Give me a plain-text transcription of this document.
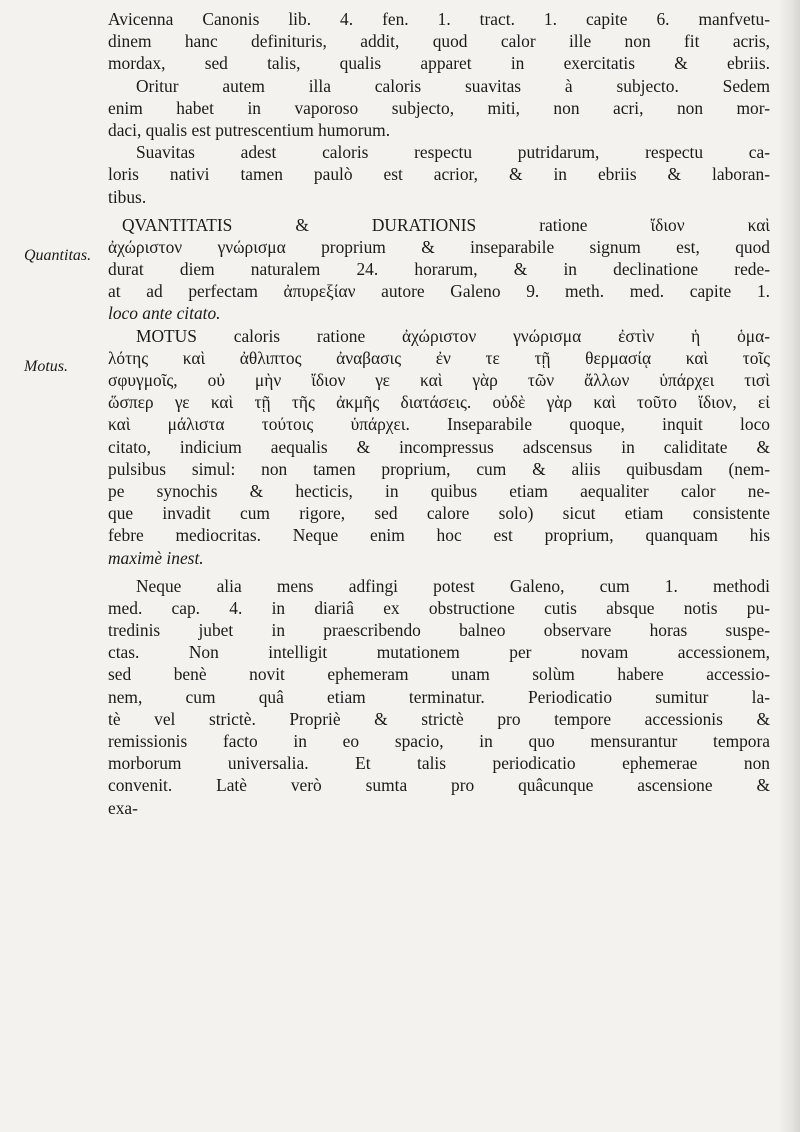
Quantitas.
Motus.
Avicenna Canonis lib. 4. fen. 1. tract. 1. capite 6. manfvetu-
dinem hanc definituris, addit, quod calor ille non fit acris,
mordax, sed talis, qualis apparet in exercitatis & ebriis.
Oritur autem illa caloris suavitas à subjecto. Sedem
enim habet in vaporoso subjecto, miti, non acri, non mor-
daci, qualis est putrescentium humorum.
Suavitas adest caloris respectu putridarum, respectu ca-
loris nativi tamen paulò est acrior, & in ebriis & laboran-
tibus.
QVANTITATIS & DURATIONIS ratione ἴδιον καὶ
ἀχώριστον γνώρισμα proprium & inseparabile signum est, quod
durat diem naturalem 24. horarum, & in declinatione rede-
at ad perfectam ἀπυρεξίαν autore Galeno 9. meth. med. capite 1.
loco ante citato.
MOTUS caloris ratione ἀχώριστον γνώρισμα ἐστὶν ἡ ὁμα-
λότης καὶ ἀθλιπτος ἀναβασις ἐν τε τῇ θερμασίᾳ καὶ τοῖς
σφυγμοῖς, οὐ μὴν ἴδιον γε καὶ γὰρ τῶν ἄλλων ὑπάρχει τισὶ
ὥσπερ γε καὶ τῇ τῆς ἀκμῆς διατάσεις. οὐδὲ γὰρ καὶ τοῦτο ἴδιον, εἰ
καὶ μάλιστα τούτοις ὑπάρχει. Inseparabile quoque, inquit loco
citato, indicium aequalis & incompressus adscensus in caliditate &
pulsibus simul: non tamen proprium, cum & aliis quibusdam (nem-
pe synochis & hecticis, in quibus etiam aequaliter calor ne-
que invadit cum rigore, sed calore solo) sicut etiam consistente
febre mediocritas. Neque enim hoc est proprium, quanquam his
maximè inest.
Neque alia mens adfingi potest Galeno, cum 1. methodi
med. cap. 4. in diariâ ex obstructione cutis absque notis pu-
tredinis jubet in praescribendo balneo observare horas suspe-
ctas. Non intelligit mutationem per novam accessionem,
sed benè novit ephemeram unam solùm habere accessio-
nem, cum quâ etiam terminatur. Periodicatio sumitur la-
tè vel strictè. Propriè & strictè pro tempore accessionis &
remissionis facto in eo spacio, in quo mensurantur tempora
morborum universalia. Et talis periodicatio ephemerae non
convenit. Latè verò sumta pro quâcunque ascensione &
exa-
